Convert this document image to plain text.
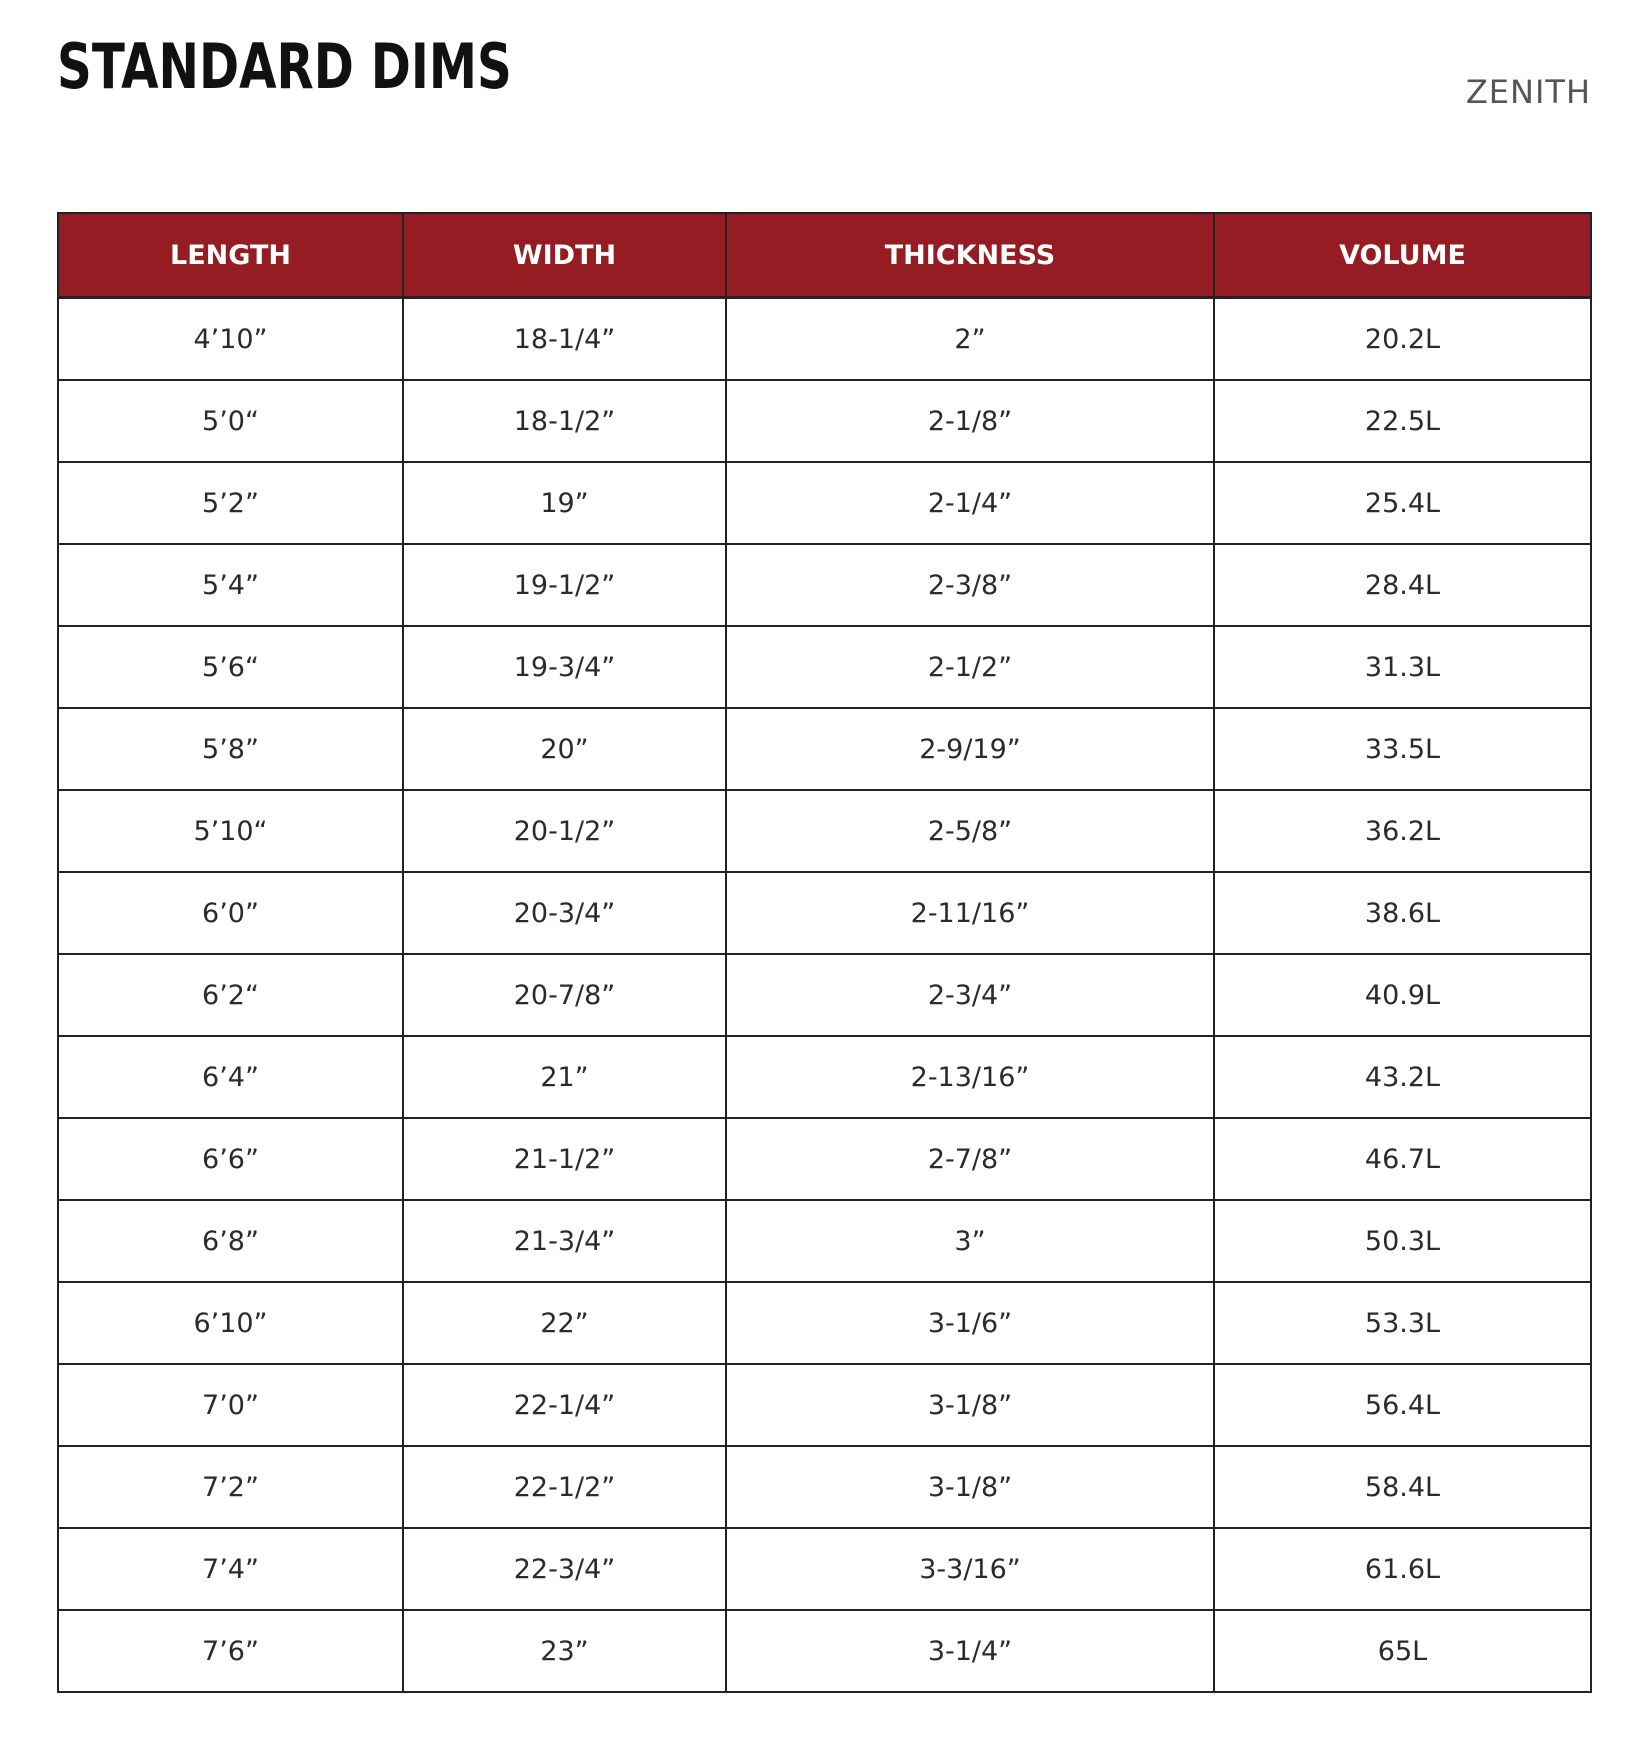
STANDARD DIMS	ZENITH
LENGTH	WIDTH	THICKNESS	VOLUME
4’10”	18-1/4”	2”	20.2L
5’0“	18-1/2”	2-1/8”	22.5L
5’2”	19”	2-1/4”	25.4L
5’4”	19-1/2”	2-3/8”	28.4L
5’6“	19-3/4”	2-1/2”	31.3L
5’8”	20”	2-9/19”	33.5L
5’10“	20-1/2”	2-5/8”	36.2L
6’0”	20-3/4”	2-11/16”	38.6L
6’2“	20-7/8”	2-3/4”	40.9L
6’4”	21”	2-13/16”	43.2L
6’6”	21-1/2”	2-7/8”	46.7L
6’8”	21-3/4”	3”	50.3L
6’10”	22”	3-1/6”	53.3L
7’0”	22-1/4”	3-1/8”	56.4L
7’2”	22-1/2”	3-1/8”	58.4L
7’4”	22-3/4”	3-3/16”	61.6L
7’6”	23”	3-1/4”	65L
